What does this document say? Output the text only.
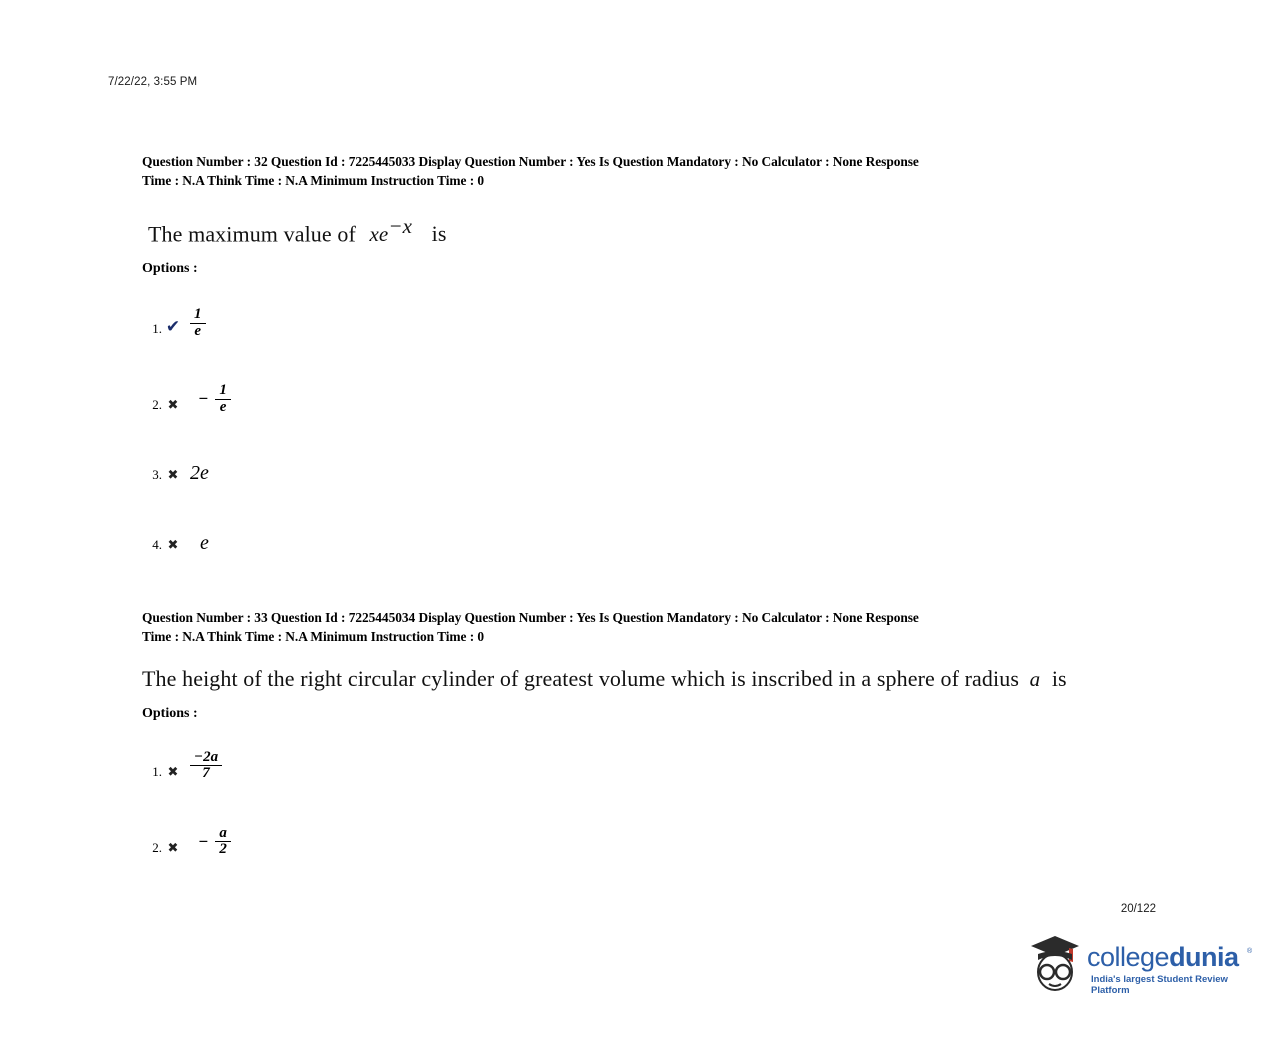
7/22/22, 3:55 PM
Question Number : 32 Question Id : 7225445033 Display Question Number : Yes Is Question Mandatory : No Calculator : None Response
Time : N.A Think Time : N.A Minimum Instruction Time : 0
The maximum value of $xe^{-x}$ is
Options :
1. ✔ $\frac{1}{e}$
2. ✖	− $\frac{1}{e}$
3. ✖ 2e
4. ✖	e
Question Number : 33 Question Id : 7225445034 Display Question Number : Yes Is Question Mandatory : No Calculator : None Response
Time : N.A Think Time : N.A Minimum Instruction Time : 0
The height of the right circular cylinder of greatest volume which is inscribed in a sphere of radius a is
Options :
1. ✖ $\frac{-2a}{7}$
2. ✖	− $\frac{a}{2}$
20/122
collegedunia ®
India's largest Student Review Platform
